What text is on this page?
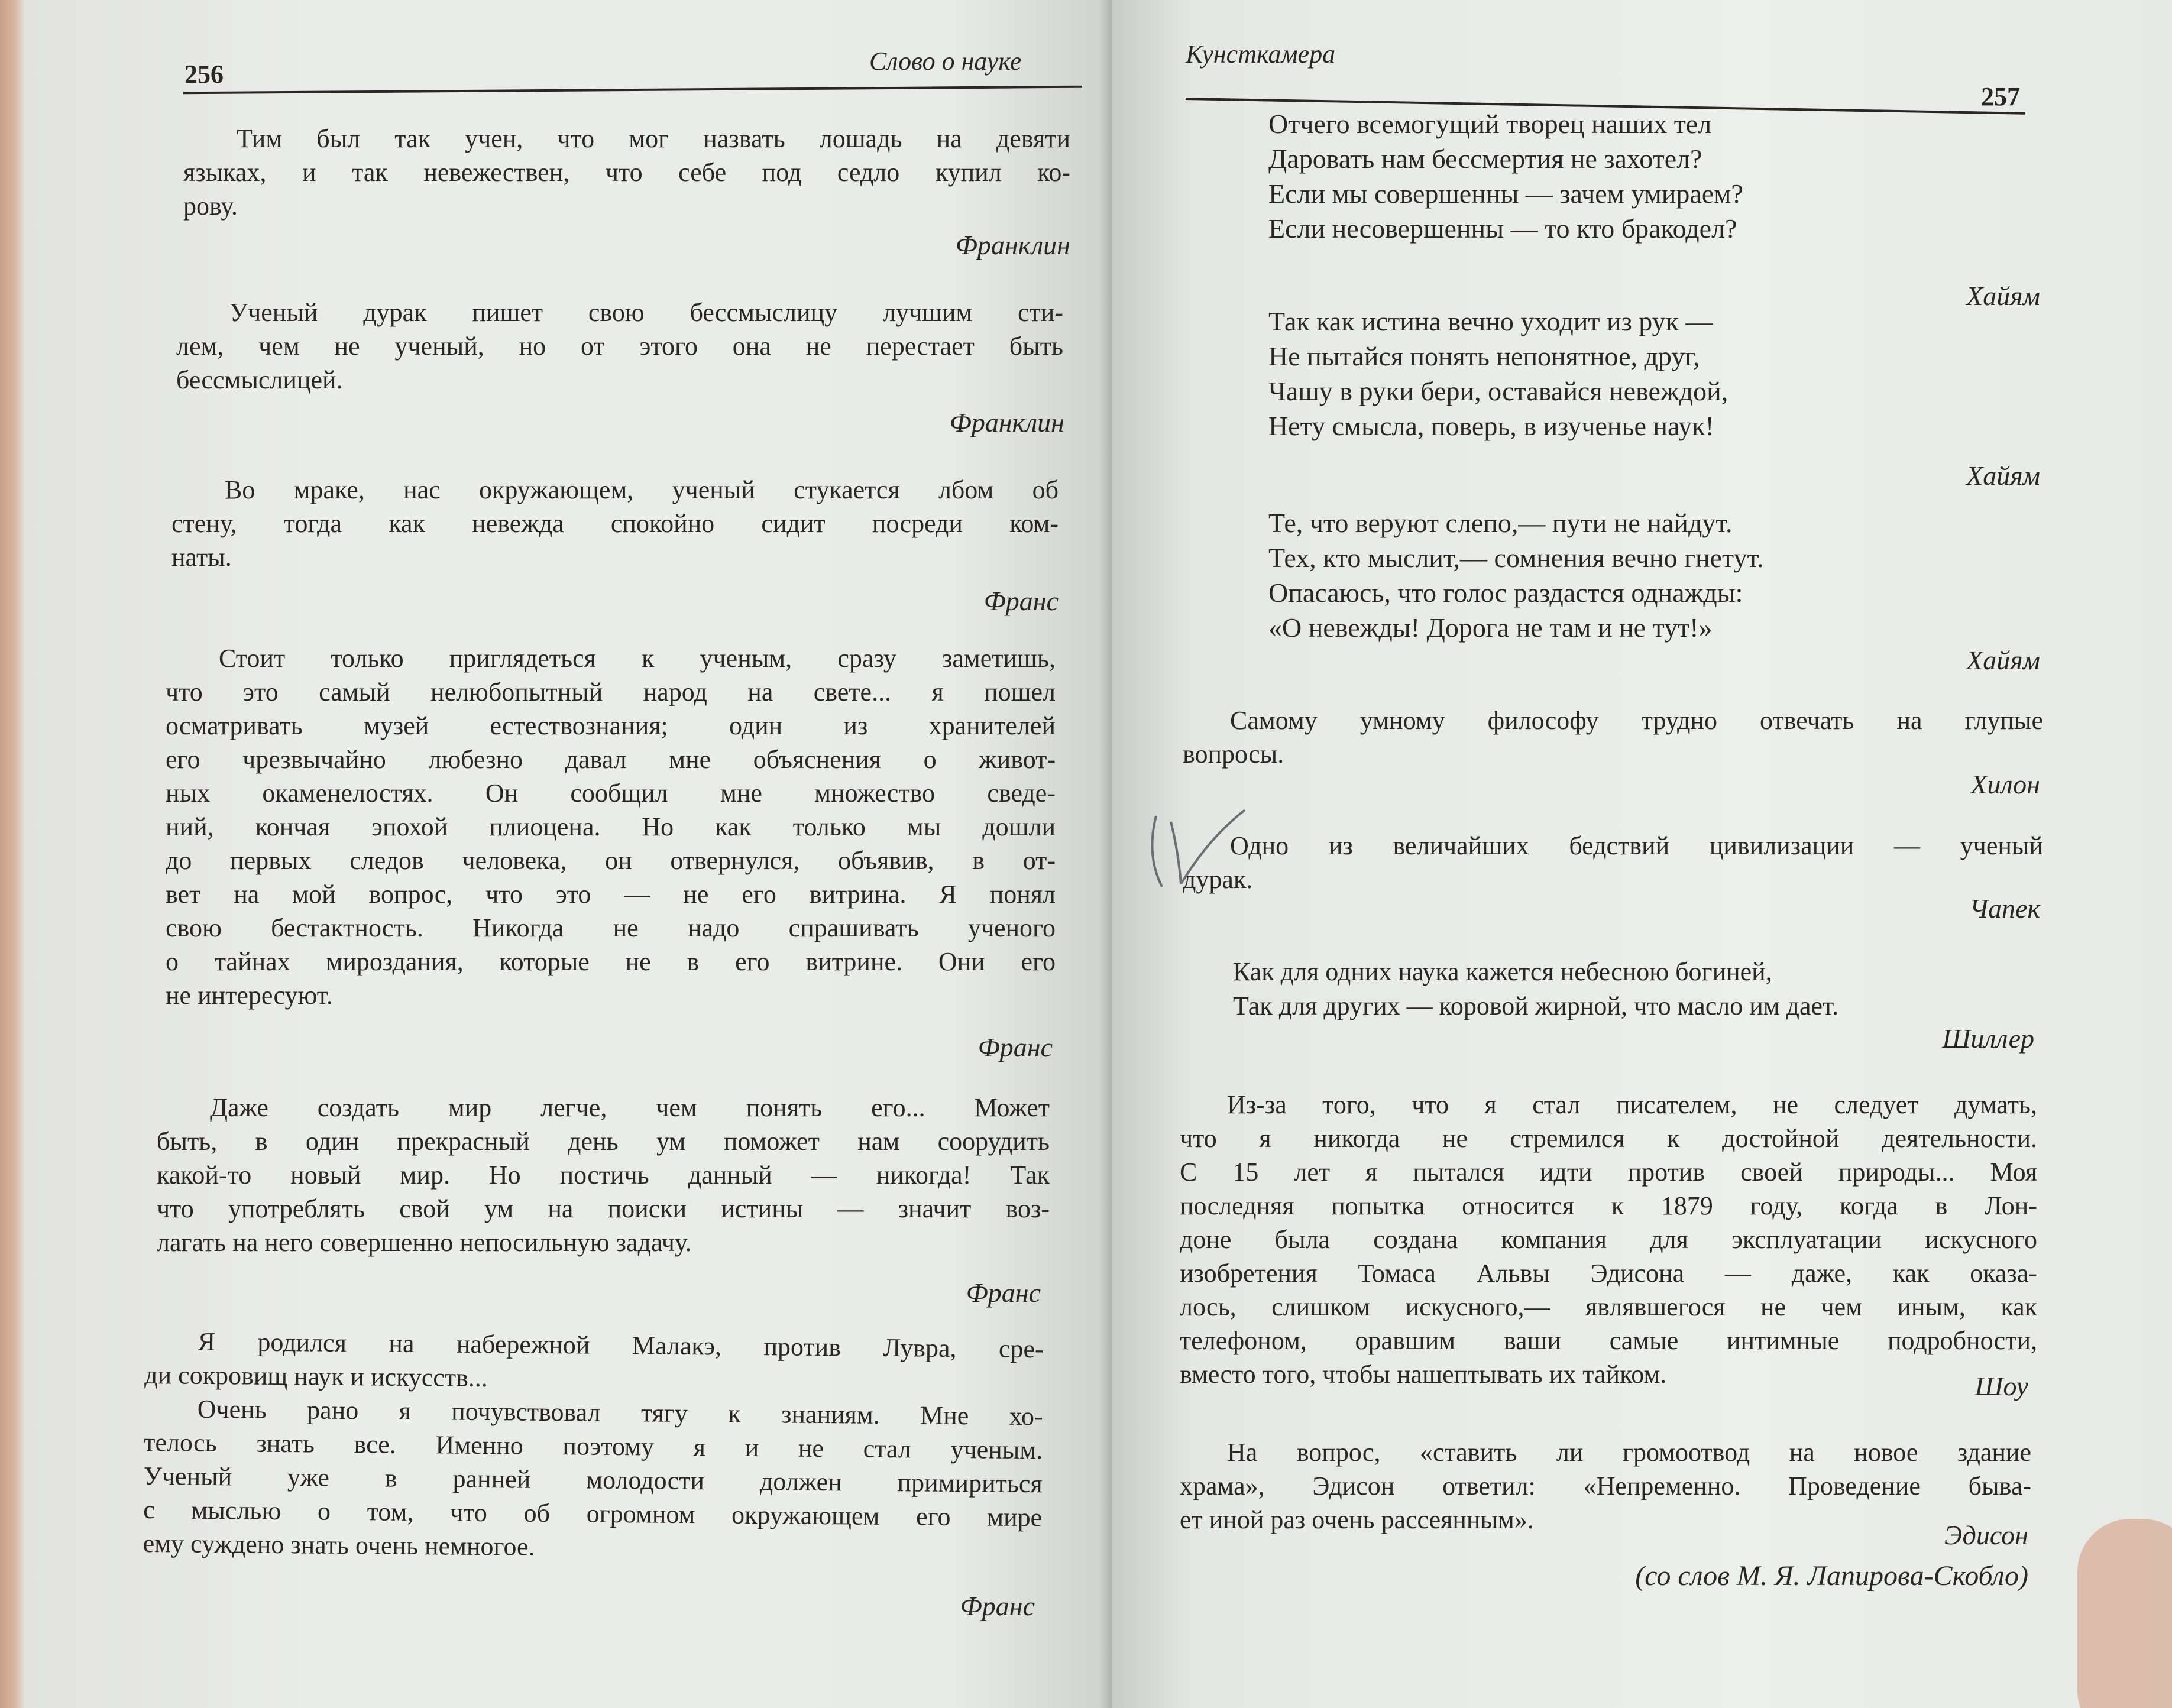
256	Слово о науке
Тим был так учен, что мог назвать лошадь на девяти
языках, и так невежествен, что себе под седло купил ко-
рову.
Франклин
Ученый дурак пишет свою бессмыслицу лучшим сти-
лем, чем не ученый, но от этого она не перестает быть
бессмыслицей.
Франклин
Во мраке, нас окружающем, ученый стукается лбом об
стену, тогда как невежда спокойно сидит посреди ком-
наты.
Франс
Стоит только приглядеться к ученым, сразу заметишь,
что это самый нелюбопытный народ на свете... я пошел
осматривать музей естествознания; один из хранителей
его чрезвычайно любезно давал мне объяснения о живот-
ных окаменелостях. Он сообщил мне множество сведе-
ний, кончая эпохой плиоцена. Но как только мы дошли
до первых следов человека, он отвернулся, объявив, в от-
вет на мой вопрос, что это — не его витрина. Я понял
свою бестактность. Никогда не надо спрашивать ученого
о тайнах мироздания, которые не в его витрине. Они его
не интересуют.
Франс
Даже создать мир легче, чем понять его... Может
быть, в один прекрасный день ум поможет нам соорудить
какой-то новый мир. Но постичь данный — никогда! Так
что употреблять свой ум на поиски истины — значит воз-
лагать на него совершенно непосильную задачу.
Франс
Я родился на набережной Малакэ, против Лувра, сре-
ди сокровищ наук и искусств...
Очень рано я почувствовал тягу к знаниям. Мне хо-
телось знать все. Именно поэтому я и не стал ученым.
Ученый уже в ранней молодости должен примириться
с мыслью о том, что об огромном окружающем его мире
ему суждено знать очень немногое.
Франс
Кунсткамера
257
Отчего всемогущий творец наших тел
Даровать нам бессмертия не захотел?
Если мы совершенны — зачем умираем?
Если несовершенны — то кто бракодел?
Хайям
Так как истина вечно уходит из рук —
Не пытайся понять непонятное, друг,
Чашу в руки бери, оставайся невеждой,
Нету смысла, поверь, в изученье наук!
Хайям
Те, что веруют слепо,— пути не найдут.
Тех, кто мыслит,— сомнения вечно гнетут.
Опасаюсь, что голос раздастся однажды:
«О невежды! Дорога не там и не тут!»
Хайям
Самому умному философу трудно отвечать на глупые
вопросы.
Хилон
Одно из величайших бедствий цивилизации — ученый
дурак.
Чапек
Как для одних наука кажется небесною богиней,
Так для других — коровой жирной, что масло им дает.
Шиллер
Из-за того, что я стал писателем, не следует думать,
что я никогда не стремился к достойной деятельности.
С 15 лет я пытался идти против своей природы... Моя
последняя попытка относится к 1879 году, когда в Лон-
доне была создана компания для эксплуатации искусного
изобретения Томаса Альвы Эдисона — даже, как оказа-
лось, слишком искусного,— являвшегося не чем иным, как
телефоном, оравшим ваши самые интимные подробности,
вместо того, чтобы нашептывать их тайком.	Шоу
На вопрос, «ставить ли громоотвод на новое здание
храма», Эдисон ответил: «Непременно. Проведение быва-
ет иной раз очень рассеянным».
Эдисон
(со слов М. Я. Лапирова-Скобло)
